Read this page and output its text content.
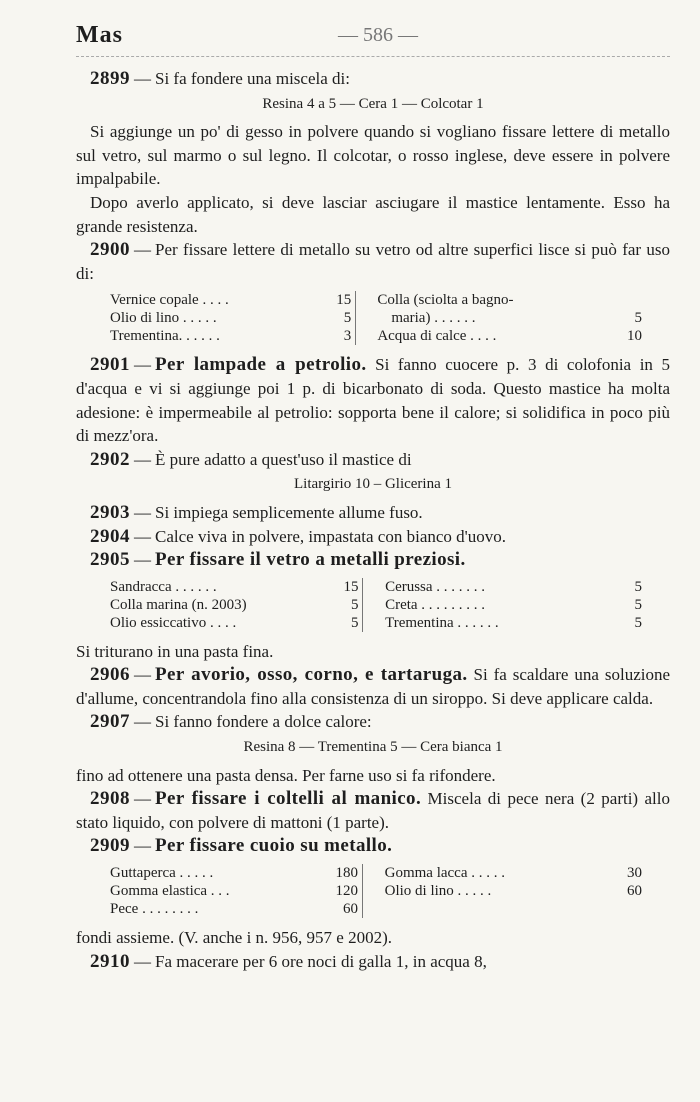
Mas	— 586 —

2899 — Si fa fondere una miscela di:

Resina 4 a 5 — Cera 1 — Colcotar 1

Si aggiunge un po' di gesso in polvere quando si vogliano fissare lettere di metallo sul vetro, sul marmo o sul legno. Il colcotar, o rosso inglese, deve essere in polvere impalpabile.

Dopo averlo applicato, si deve lasciar asciugare il mastice lentamente. Esso ha grande resistenza.

2900 — Per fissare lettere di metallo su vetro od altre superfici lisce si può far uso di:

Vernice copale . . . .	15		Colla (sciolta a bagno-	
Olio di lino . . . . .	5		maria) . . . . . .	5
Trementina. . . . . .	3		Acqua di calce . . . .	10

2901 — Per lampade a petrolio. Si fanno cuocere p. 3 di colofonia in 5 d'acqua e vi si aggiunge poi 1 p. di bicarbonato di soda. Questo mastice ha molta adesione: è impermeabile al petrolio: sopporta bene il calore; si solidifica in poco più di mezz'ora.

2902 — È pure adatto a quest'uso il mastice di

Litargirio 10 – Glicerina 1

2903 — Si impiega semplicemente allume fuso.

2904 — Calce viva in polvere, impastata con bianco d'uovo.

2905 — Per fissare il vetro a metalli preziosi.

Sandracca . . . . . .	15		Cerussa . . . . . . .	5
Colla marina (n. 2003)	5		Creta . . . . . . . . .	5
Olio essiccativo . . . .	5		Trementina . . . . . .	5

Si triturano in una pasta fina.

2906 — Per avorio, osso, corno, e tartaruga. Si fa scaldare una soluzione d'allume, concentrandola fino alla consistenza di un siroppo. Si deve applicare calda.

2907 — Si fanno fondere a dolce calore:

Resina 8 — Trementina 5 — Cera bianca 1

fino ad ottenere una pasta densa. Per farne uso si fa rifondere.

2908 — Per fissare i coltelli al manico. Miscela di pece nera (2 parti) allo stato liquido, con polvere di mattoni (1 parte).

2909 — Per fissare cuoio su metallo.

Guttaperca . . . . .	180		Gomma lacca . . . . .	30
Gomma elastica . . .	120		Olio di lino . . . . .	60
Pece . . . . . . . .	60			

fondi assieme. (V. anche i n. 956, 957 e 2002).

2910 — Fa macerare per 6 ore noci di galla 1, in acqua 8,
